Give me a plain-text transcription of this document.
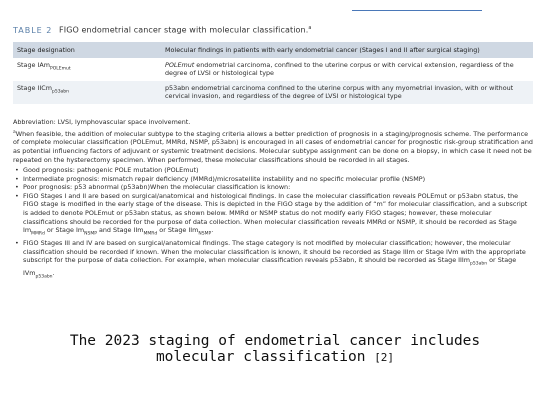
TABLE 2 FIGO endometrial cancer stage with molecular classification.$^a$
Stage designation	Molecular findings in patients with early endometrial cancer (Stages I and II after surgical staging)
Stage IAm$_{POLEmut}$	POLEmut endometrial carcinoma, confined to the uterine corpus or with cervical extension, regardless of the degree of LVSI or histological type
Stage IICm$_{p53abn}$	p53abn endometrial carcinoma confined to the uterine corpus with any myometrial invasion, with or without cervical invasion, and regardless of the degree of LVSI or histological type

Abbreviation: LVSI, lymphovascular space involvement.

$^a$When feasible, the addition of molecular subtype to the staging criteria allows a better prediction of prognosis in a staging/prognosis scheme. The performance of complete molecular classification (POLEmut, MMRd, NSMP, p53abn) is encouraged in all cases of endometrial cancer for prognostic risk-group stratification and as potential influencing factors of adjuvant or systemic treatment decisions. Molecular subtype assignment can be done on a biopsy, in which case it need not be repeated on the hysterectomy specimen. When performed, these molecular classifications should be recorded in all stages.

• Good prognosis: pathogenic POLE mutation (POLEmut)
• Intermediate prognosis: mismatch repair deficiency (MMRd)/microsatellite instability and no specific molecular profile (NSMP)
• Poor prognosis: p53 abnormal (p53abn)When the molecular classification is known:
• FIGO Stages I and II are based on surgical/anatomical and histological findings. In case the molecular classification reveals POLEmut or p53abn status, the FIGO stage is modified in the early stage of the disease. This is depicted in the FIGO stage by the addition of “m” for molecular classification, and a subscript is added to denote POLEmut or p53abn status, as shown below. MMRd or NSMP status do not modify early FIGO stages; however, these molecular classifications should be recorded for the purpose of data collection. When molecular classification reveals MMRd or NSMP, it should be recorded as Stage $Im_{MMRd}$ or Stage $Im_{NSMP}$ and Stage IIm$_{MMRd}$ or Stage IIm$_{NSMP}$.
• FIGO Stages III and IV are based on surgical/anatomical findings. The stage category is not modified by molecular classification; however, the molecular classification should be recorded if known. When the molecular classification is known, it should be recorded as Stage IIIm or Stage IVm with the appropriate subscript for the purpose of data collection. For example, when molecular classification reveals p53abn, it should be recorded as Stage IIIm$_{p53abn}$ or Stage IVm$_{p53abn}$.
The 2023 staging of endometrial cancer includes molecular classification [2]
